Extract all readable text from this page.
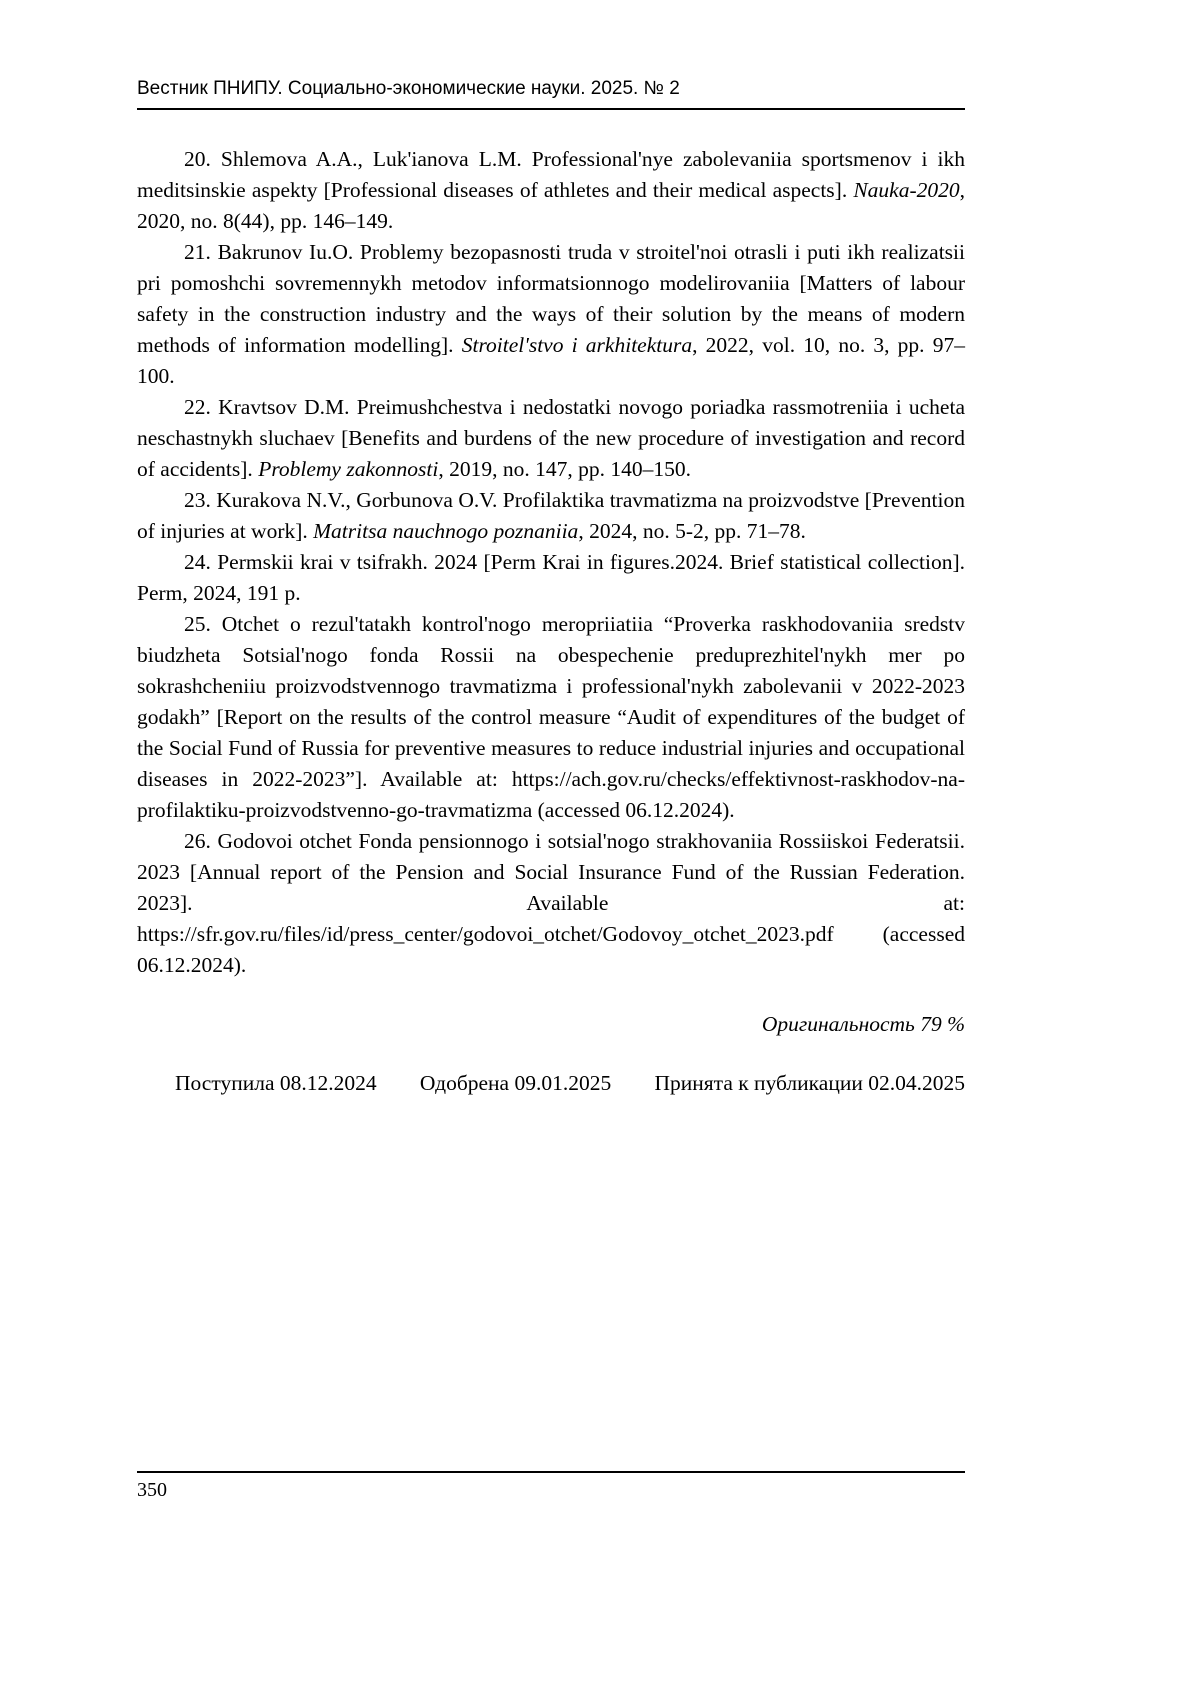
Вестник ПНИПУ. Социально-экономические науки. 2025. № 2

20. Shlemova A.A., Luk'ianova L.M. Professional'nye zabolevaniia sportsmenov i ikh meditsinskie aspekty [Professional diseases of athletes and their medical aspects]. Nauka-2020, 2020, no. 8(44), pp. 146–149.

21. Bakrunov Iu.O. Problemy bezopasnosti truda v stroitel'noi otrasli i puti ikh realizatsii pri pomoshchi sovremennykh metodov informatsionnogo modelirovaniia [Matters of labour safety in the construction industry and the ways of their solution by the means of modern methods of information modelling]. Stroitel'stvo i arkhitektura, 2022, vol. 10, no. 3, pp. 97–100.

22. Kravtsov D.M. Preimushchestva i nedostatki novogo poriadka rassmotreniia i ucheta neschastnykh sluchaev [Benefits and burdens of the new procedure of investigation and record of accidents]. Problemy zakonnosti, 2019, no. 147, pp. 140–150.

23. Kurakova N.V., Gorbunova O.V. Profilaktika travmatizma na proizvodstve [Prevention of injuries at work]. Matritsa nauchnogo poznaniia, 2024, no. 5-2, pp. 71–78.

24. Permskii krai v tsifrakh. 2024 [Perm Krai in figures.2024. Brief statistical collection]. Perm, 2024, 191 p.

25. Otchet o rezul'tatakh kontrol'nogo meropriiatiia “Proverka raskhodovaniia sredstv biudzheta Sotsial'nogo fonda Rossii na obespechenie preduprezhitel'nykh mer po sokrashcheniiu proizvodstvennogo travmatizma i professional'nykh zabolevanii v 2022-2023 godakh” [Report on the results of the control measure “Audit of expenditures of the budget of the Social Fund of Russia for preventive measures to reduce industrial injuries and occupational diseases in 2022-2023”]. Available at: https://ach.gov.ru/checks/effektivnost-raskhodov-na-profilaktiku-proizvodstvenno-go-travmatizma (accessed 06.12.2024).

26. Godovoi otchet Fonda pensionnogo i sotsial'nogo strakhovaniia Rossiiskoi Federatsii. 2023 [Annual report of the Pension and Social Insurance Fund of the Russian Federation. 2023]. Available at: https://sfr.gov.ru/files/id/press_center/godovoi_otchet/Godovoy_otchet_2023.pdf (accessed 06.12.2024).

Оригинальность 79 %

Поступила 08.12.2024 Одобрена 09.01.2025 Принята к публикации 02.04.2025
350
